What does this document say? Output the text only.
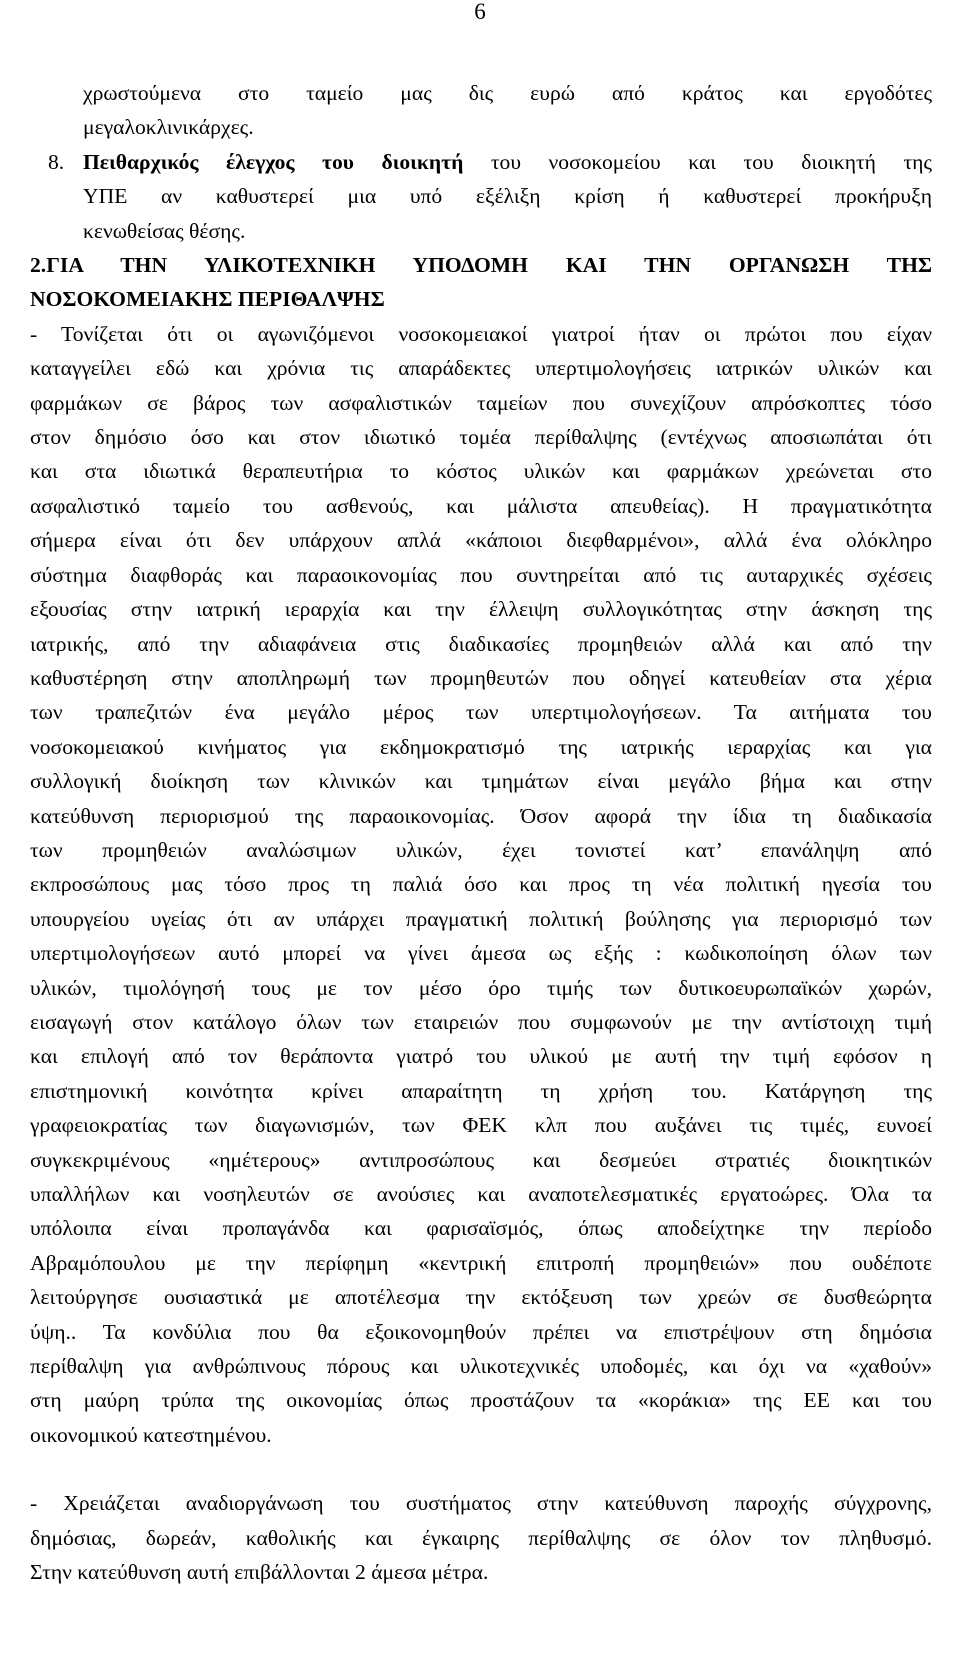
6
χρωστούμενα στο ταμείο μας δις ευρώ από κράτος και εργοδότες
μεγαλοκλινικάρχες.
8. Πειθαρχικός έλεγχος του διοικητή του νοσοκομείου και του διοικητή της
ΥΠΕ αν καθυστερεί μια υπό εξέλιξη κρίση ή καθυστερεί προκήρυξη
κενωθείσας θέσης.
2.ΓΙΑ ΤΗΝ ΥΛΙΚΟΤΕΧΝΙΚΗ ΥΠΟΔΟΜΗ ΚΑΙ ΤΗΝ ΟΡΓΑΝΩΣΗ ΤΗΣ
ΝΟΣΟΚΟΜΕΙΑΚΗΣ ΠΕΡΙΘΑΛΨΗΣ
- Τονίζεται ότι οι αγωνιζόμενοι νοσοκομειακοί γιατροί ήταν οι πρώτοι που είχαν
καταγγείλει εδώ και χρόνια τις απαράδεκτες υπερτιμολογήσεις ιατρικών υλικών και
φαρμάκων σε βάρος των ασφαλιστικών ταμείων που συνεχίζουν απρόσκοπτες τόσο
στον δημόσιο όσο και στον ιδιωτικό τομέα περίθαλψης (εντέχνως αποσιωπάται ότι
και στα ιδιωτικά θεραπευτήρια το κόστος υλικών και φαρμάκων χρεώνεται στο
ασφαλιστικό ταμείο του ασθενούς, και μάλιστα απευθείας). Η πραγματικότητα
σήμερα είναι ότι δεν υπάρχουν απλά «κάποιοι διεφθαρμένοι», αλλά ένα ολόκληρο
σύστημα διαφθοράς και παραοικονομίας που συντηρείται από τις αυταρχικές σχέσεις
εξουσίας στην ιατρική ιεραρχία και την έλλειψη συλλογικότητας στην άσκηση της
ιατρικής, από την αδιαφάνεια στις διαδικασίες προμηθειών αλλά και από την
καθυστέρηση στην αποπληρωμή των προμηθευτών που οδηγεί κατευθείαν στα χέρια
των τραπεζιτών ένα μεγάλο μέρος των υπερτιμολογήσεων. Τα αιτήματα του
νοσοκομειακού κινήματος για εκδημοκρατισμό της ιατρικής ιεραρχίας και για
συλλογική διοίκηση των κλινικών και τμημάτων είναι μεγάλο βήμα και στην
κατεύθυνση περιορισμού της παραοικονομίας. Όσον αφορά την ίδια τη διαδικασία
των προμηθειών αναλώσιμων υλικών, έχει τονιστεί κατ’ επανάληψη από
εκπροσώπους μας τόσο προς τη παλιά όσο και προς τη νέα πολιτική ηγεσία του
υπουργείου υγείας ότι αν υπάρχει πραγματική πολιτική βούλησης για περιορισμό των
υπερτιμολογήσεων αυτό μπορεί να γίνει άμεσα ως εξής : κωδικοποίηση όλων των
υλικών, τιμολόγησή τους με τον μέσο όρο τιμής των δυτικοευρωπαϊκών χωρών,
εισαγωγή στον κατάλογο όλων των εταιρειών που συμφωνούν με την αντίστοιχη τιμή
και επιλογή από τον θεράποντα γιατρό του υλικού με αυτή την τιμή εφόσον η
επιστημονική κοινότητα κρίνει απαραίτητη τη χρήση του. Κατάργηση της
γραφειοκρατίας των διαγωνισμών, των ΦΕΚ κλπ που αυξάνει τις τιμές, ευνοεί
συγκεκριμένους «ημέτερους» αντιπροσώπους και δεσμεύει στρατιές διοικητικών
υπαλλήλων και νοσηλευτών σε ανούσιες και αναποτελεσματικές εργατοώρες. Όλα τα
υπόλοιπα είναι προπαγάνδα και φαρισαϊσμός, όπως αποδείχτηκε την περίοδο
Αβραμόπουλου με την περίφημη «κεντρική επιτροπή προμηθειών» που ουδέποτε
λειτούργησε ουσιαστικά με αποτέλεσμα την εκτόξευση των χρεών σε δυσθεώρητα
ύψη.. Τα κονδύλια που θα εξοικονομηθούν πρέπει να επιστρέψουν στη δημόσια
περίθαλψη για ανθρώπινους πόρους και υλικοτεχνικές υποδομές, και όχι να «χαθούν»
στη μαύρη τρύπα της οικονομίας όπως προστάζουν τα «κοράκια» της ΕΕ και του
οικονομικού κατεστημένου.
- Χρειάζεται αναδιοργάνωση του συστήματος στην κατεύθυνση παροχής σύγχρονης,
δημόσιας, δωρεάν, καθολικής και έγκαιρης περίθαλψης σε όλον τον πληθυσμό.
Στην κατεύθυνση αυτή επιβάλλονται 2 άμεσα μέτρα.
